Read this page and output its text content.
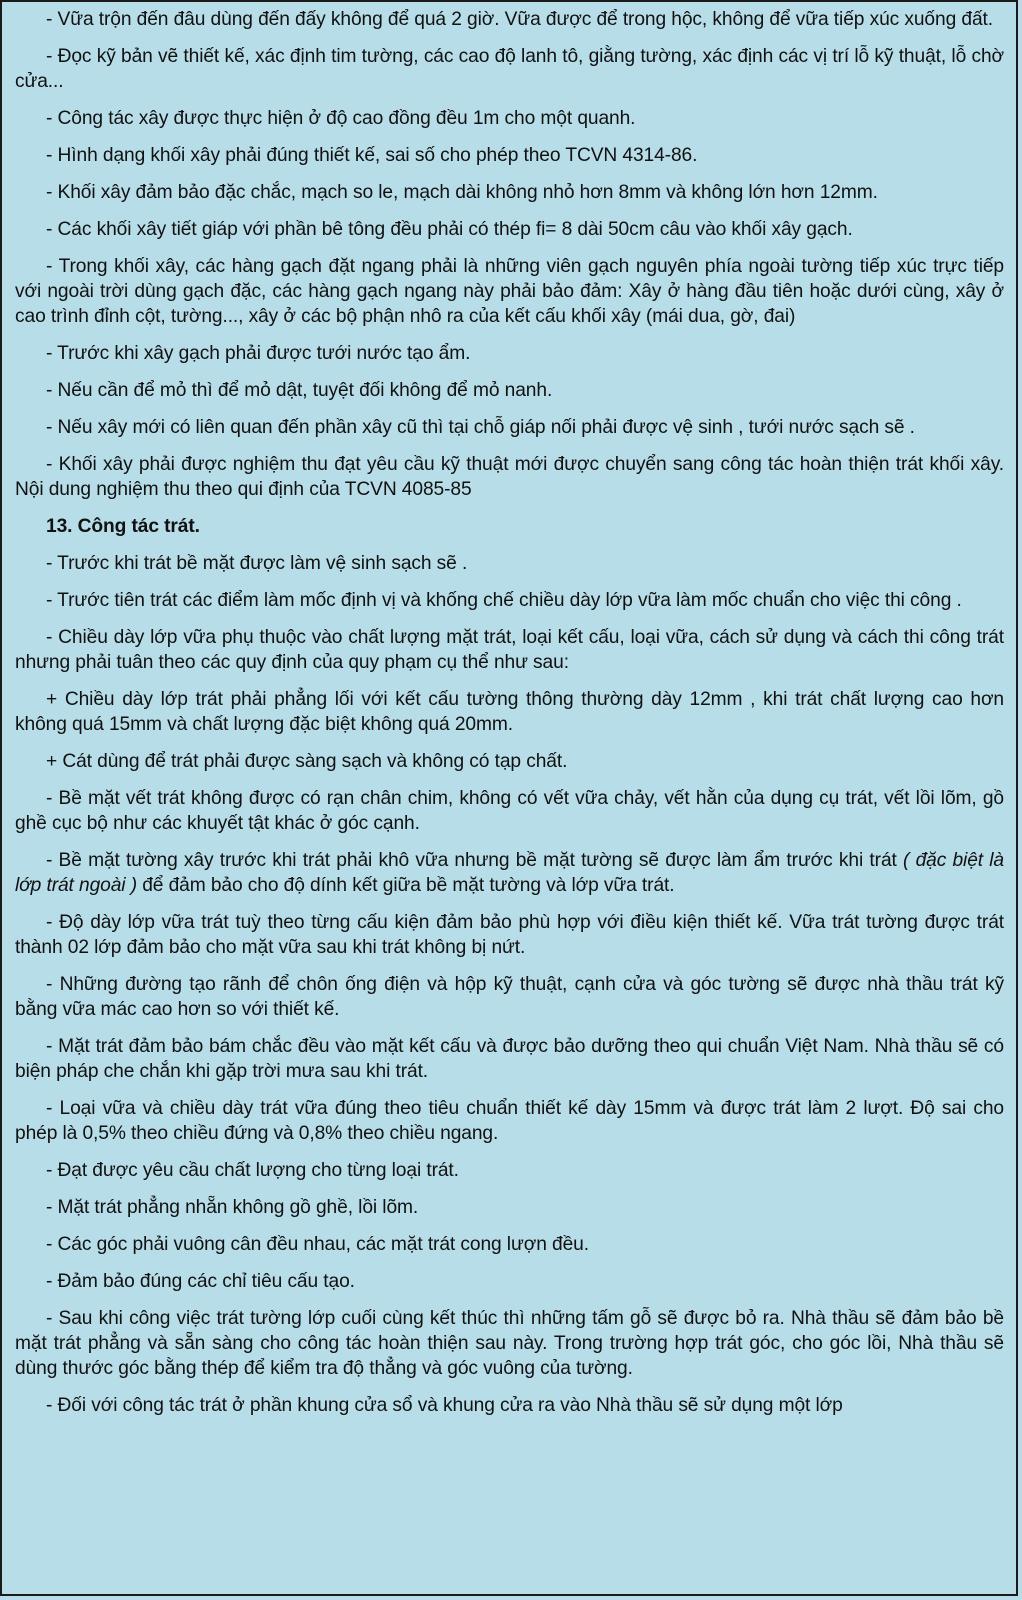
- Vữa trộn đến đâu dùng đến đấy không để quá 2 giờ. Vữa được để trong hộc, không để vữa tiếp xúc xuống đất.

- Đọc kỹ bản vẽ thiết kế, xác định tim tường, các cao độ lanh tô, giằng tường, xác định các vị trí lỗ kỹ thuật, lỗ chờ cửa...

- Công tác xây được thực hiện ở độ cao đồng đều 1m cho một quanh.

- Hình dạng khối xây phải đúng thiết kế, sai số cho phép theo TCVN 4314-86.

- Khối xây đảm bảo đặc chắc, mạch so le, mạch dài không nhỏ hơn 8mm và không lớn hơn 12mm.

- Các khối xây tiết giáp với phần bê tông đều phải có thép fi= 8 dài 50cm câu vào khối xây gạch.

- Trong khối xây, các hàng gạch đặt ngang phải là những viên gạch nguyên phía ngoài tường tiếp xúc trực tiếp với ngoài trời dùng gạch đặc, các hàng gạch ngang này phải bảo đảm: Xây ở hàng đầu tiên hoặc dưới cùng, xây ở cao trình đỉnh cột, tường..., xây ở các bộ phận nhô ra của kết cấu khối xây (mái dua, gờ, đai)

- Trước khi xây gạch phải được tưới nước tạo ẩm.

- Nếu cần để mỏ thì để mỏ dật, tuyệt đối không để mỏ nanh.

- Nếu xây mới có liên quan đến phần xây cũ thì tại chỗ giáp nối phải được vệ sinh , tưới nước sạch sẽ .

- Khối xây phải được nghiệm thu đạt yêu cầu kỹ thuật mới được chuyển sang công tác hoàn thiện trát khối xây. Nội dung nghiệm thu theo qui định của TCVN 4085-85

13. Công tác trát.

- Trước khi trát bề mặt được làm vệ sinh sạch sẽ .

- Trước tiên trát các điểm làm mốc định vị và khống chế chiều dày lớp vữa làm mốc chuẩn cho việc thi công .

- Chiều dày lớp vữa phụ thuộc vào chất lượng mặt trát, loại kết cấu, loại vữa, cách sử dụng và cách thi công trát nhưng phải tuân theo các quy định của quy phạm cụ thể như sau:

+ Chiều dày lớp trát phải phẳng lối với kết cấu tường thông thường dày 12mm , khi trát chất lượng cao hơn không quá 15mm và chất lượng đặc biệt không quá 20mm.

+ Cát dùng để trát phải được sàng sạch và không có tạp chất.

- Bề mặt vết trát không được có rạn chân chim, không có vết vữa chảy, vết hằn của dụng cụ trát, vết lồi lõm, gồ ghề cục bộ như các khuyết tật khác ở góc cạnh.

- Bề mặt tường xây trước khi trát phải khô vữa nhưng bề mặt tường sẽ được làm ẩm trước khi trát ( đặc biệt là lớp trát ngoài ) để đảm bảo cho độ dính kết giữa bề mặt tường và lớp vữa trát.

- Độ dày lớp vữa trát tuỳ theo từng cấu kiện đảm bảo phù hợp với điều kiện thiết kế. Vữa trát tường được trát thành 02 lớp đảm bảo cho mặt vữa sau khi trát không bị nứt.

- Những đường tạo rãnh để chôn ống điện và hộp kỹ thuật, cạnh cửa và góc tường sẽ được nhà thầu trát kỹ bằng vữa mác cao hơn so với thiết kế.

- Mặt trát đảm bảo bám chắc đều vào mặt kết cấu và được bảo dưỡng theo qui chuẩn Việt Nam. Nhà thầu sẽ có biện pháp che chắn khi gặp trời mưa sau khi trát.

- Loại vữa và chiều dày trát vữa đúng theo tiêu chuẩn thiết kế dày 15mm và được trát làm 2 lượt. Độ sai cho phép là 0,5% theo chiều đứng và 0,8% theo chiều ngang.

- Đạt được yêu cầu chất lượng cho từng loại trát.

- Mặt trát phẳng nhẵn không gồ ghề, lồi lõm.

- Các góc phải vuông cân đều nhau, các mặt trát cong lượn đều.

- Đảm bảo đúng các chỉ tiêu cấu tạo.

- Sau khi công việc trát tường lớp cuối cùng kết thúc thì những tấm gỗ sẽ được bỏ ra. Nhà thầu sẽ đảm bảo bề mặt trát phẳng và sẵn sàng cho công tác hoàn thiện sau này. Trong trường hợp trát góc, cho góc lồi, Nhà thầu sẽ dùng thước góc bằng thép để kiểm tra độ thẳng và góc vuông của tường.

- Đối với công tác trát ở phần khung cửa sổ và khung cửa ra vào Nhà thầu sẽ sử dụng một lớp
